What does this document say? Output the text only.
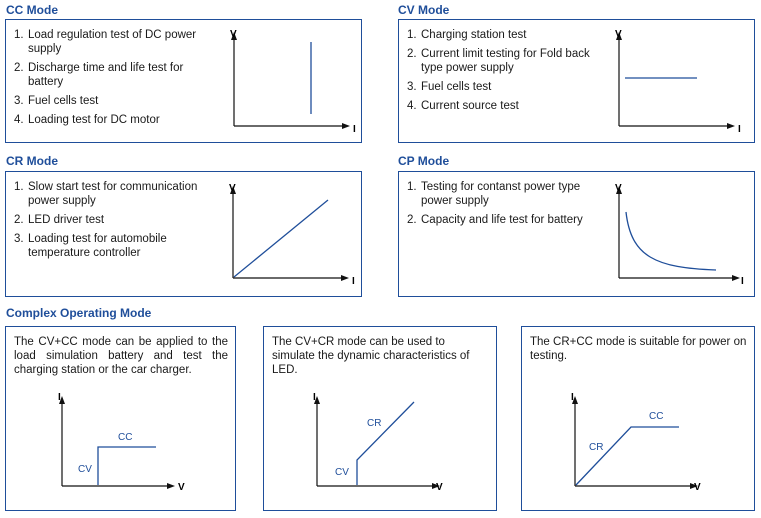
CC Mode
1. Load regulation test of DC power supply
2. Discharge time and life test for battery
3. Fuel cells test
4. Loading test for DC motor
V
I
CV Mode
1. Charging station test
2. Current limit testing for Fold back type power supply
3. Fuel cells test
4. Current source test
V
I
CR Mode
1. Slow start test for communication power supply
2. LED driver test
3. Loading test for automobile temperature controller
V
I
CP Mode
1. Testing for contanst power type power supply
2. Capacity and life test for battery
V
I
Complex Operating Mode

The CV+CC mode can be applied to the load simulation battery and test the charging station or the car charger.

I
V
CV
CC

The CV+CR mode can be used to simulate the dynamic characteristics of LED.

I
V
CV
CR

The CR+CC mode is suitable for power on testing.

I
V
CR
CC
